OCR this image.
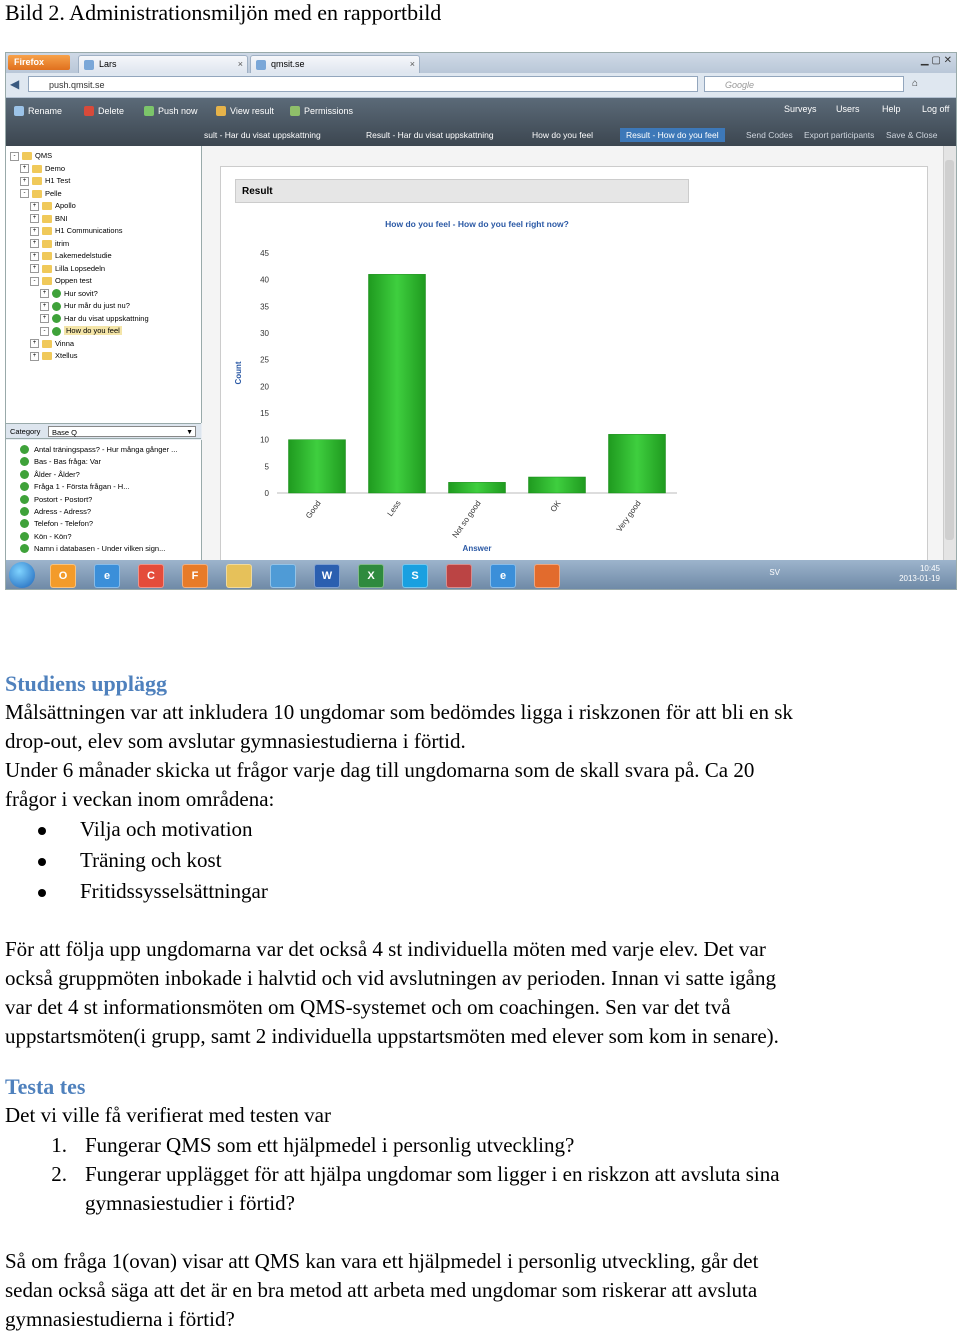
Bild 2. Administrationsmiljön med en rapportbild
Firefox	Lars	×	qmsit.se	×	▁ ▢ ✕
◀	push.qmsit.se	Google	⌂
Rename	Delete	Push now	View result	Permissions	Surveys Users Help Log off
sult - Har du visat uppskattning	Result - Har du visat uppskattning	How do you feel	Result - How do you feel	Send Codes Export participants Save & Close
-	QMS
+	Demo
+	H1 Test
-	Pelle
+	Apollo
+	BNI
+	H1 Communications
+	itrim
+	Lakemedelstudie
+	Lilla Lopsedeln
-	Oppen test
+ Hur sovit?
+ Hur mår du just nu?
+ Har du visat uppskattning
-	How do you feel
+	Vinna
+	Xtellus
Category	Base Q	▼
Antal träningspass? - Hur många gånger ...
Bas - Bas fråga: Var
Ålder - Ålder?
Fråga 1 - Första frågan - H...
Postort - Postort?
Adress - Adress?
Telefon - Telefon?
Kön - Kön?
Namn i databasen - Under vilken sign...
Result
How do you feel - How do you feel right now?
0
5
10
15
20
25
30
35
40
45
Count
Good	Less	Not so good	OK	Very good
Answer
SV	10:45
2013-01-19
O	e	C	F	W	X	S	e
Studiens upplägg
Målsättningen var att inkludera 10 ungdomar som bedömdes ligga i riskzonen för att bli en sk
drop-out, elev som avslutar gymnasiestudierna i förtid.
Under 6 månader skicka ut frågor varje dag till ungdomarna som de skall svara på. Ca 20
frågor i veckan inom områdena:
Vilja och motivation
Träning och kost
Fritidssysselsättningar
För att följa upp ungdomarna var det också 4 st individuella möten med varje elev. Det var
också gruppmöten inbokade i halvtid och vid avslutningen av perioden. Innan vi satte igång
var det 4 st informationsmöten om QMS-systemet och om coachingen. Sen var det två
uppstartsmöten(i grupp, samt 2 individuella uppstartsmöten med elever som kom in senare).
Testa tes
Det vi ville få verifierat med testen var
1. Fungerar QMS som ett hjälpmedel i personlig utveckling?
2. Fungerar upplägget för att hjälpa ungdomar som ligger i en riskzon att avsluta sina
gymnasiestudier i förtid?
Så om fråga 1(ovan) visar att QMS kan vara ett hjälpmedel i personlig utveckling, går det
sedan också säga att det är en bra metod att arbeta med ungdomar som riskerar att avsluta
gymnasiestudierna i förtid?
